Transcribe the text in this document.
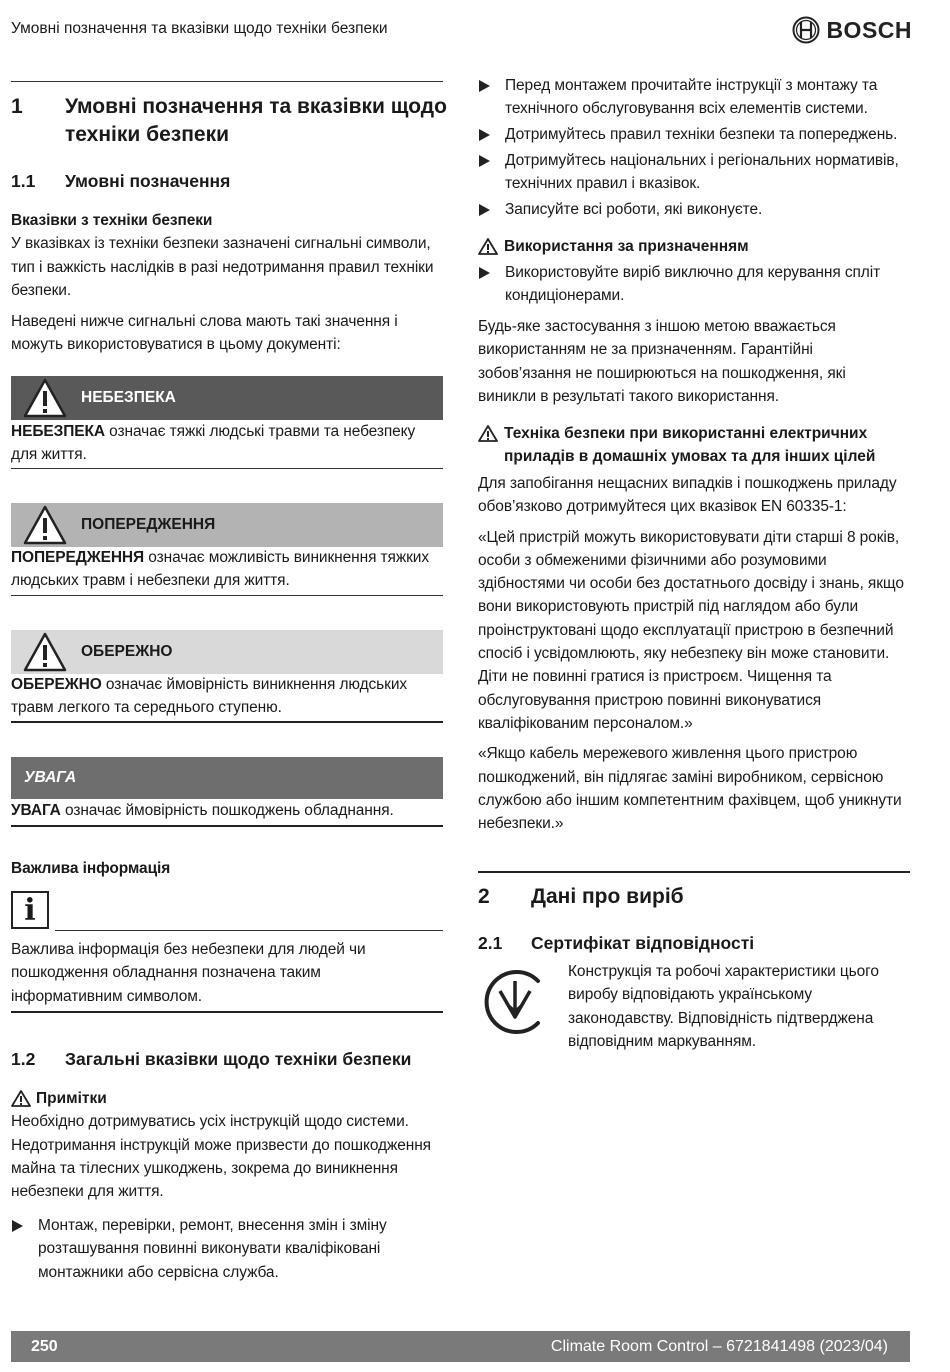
Умовні позначення та вказівки щодо техніки безпеки	BOSCH
1 Умовні позначення та вказівки щодо
техніки безпеки
1.1 Умовні позначення

Вказівки з техніки безпеки

У вказівках із техніки безпеки зазначені сигнальні символи,

тип і важкість наслідків в разі недотримання правил техніки

безпеки.

Наведені нижче сигнальні слова мають такі значення і

можуть використовуватися в цьому документі:

НЕБЕЗПЕКА

НЕБЕЗПЕКА означає тяжкі людські травми та небезпеку

для життя.

ПОПЕРЕДЖЕННЯ

ПОПЕРЕДЖЕННЯ означає можливість виникнення тяжких

людських травм і небезпеки для життя.

ОБЕРЕЖНО

ОБЕРЕЖНО означає ймовірність виникнення людських

травм легкого та середнього ступеню.

УВАГА

УВАГА означає ймовірність пошкоджень обладнання.

Важлива інформація

i

Важлива інформація без небезпеки для людей чи

пошкодження обладнання позначена таким

інформативним символом.

1.2 Загальні вказівки щодо техніки безпеки
Примітки

Необхідно дотримуватись усіх інструкцій щодо системи.

Недотримання інструкцій може призвести до пошкодження

майна та тілесних ушкоджень, зокрема до виникнення

небезпеки для життя.

Монтаж, перевірки, ремонт, внесення змін і зміну

розташування повинні виконувати кваліфіковані

монтажники або сервісна служба.

Перед монтажем прочитайте інструкції з монтажу та

технічного обслуговування всіх елементів системи.

Дотримуйтесь правил техніки безпеки та попереджень.

Дотримуйтесь національних і регіональних нормативів,

технічних правил і вказівок.

Записуйте всі роботи, які виконуєте.

Використання за призначенням

Використовуйте виріб виключно для керування спліт

кондиціонерами.

Будь-яке застосування з іншою метою вважається

використанням не за призначенням. Гарантійні

зобов’язання не поширюються на пошкодження, які

виникли в результаті такого використання.

Техніка безпеки при використанні електричних
приладів в домашніх умовах та для інших цілей

Для запобігання нещасних випадків і пошкоджень приладу

обов’язково дотримуйтеся цих вказівок EN 60335-1:

«Цей пристрій можуть використовувати діти старші 8 років,

особи з обмеженими фізичними або розумовими

здібностями чи особи без достатнього досвіду і знань, якщо

вони використовують пристрій під наглядом або були

проінструктовані щодо експлуатації пристрою в безпечний

спосіб і усвідомлюють, яку небезпеку він може становити.

Діти не повинні гратися із пристроєм. Чищення та

обслуговування пристрою повинні виконуватися

кваліфікованим персоналом.»

«Якщо кабель мережевого живлення цього пристрою

пошкоджений, він підлягає заміні виробником, сервісною

службою або іншим компетентним фахівцем, щоб уникнути

небезпеки.»

2 Дані про виріб
2.1 Сертифікат відповідності

Конструкція та робочі характеристики цього

виробу відповідають українському

законодавству. Відповідність підтверджена

відповідним маркуванням.

250	Climate Room Control – 6721841498 (2023/04)
